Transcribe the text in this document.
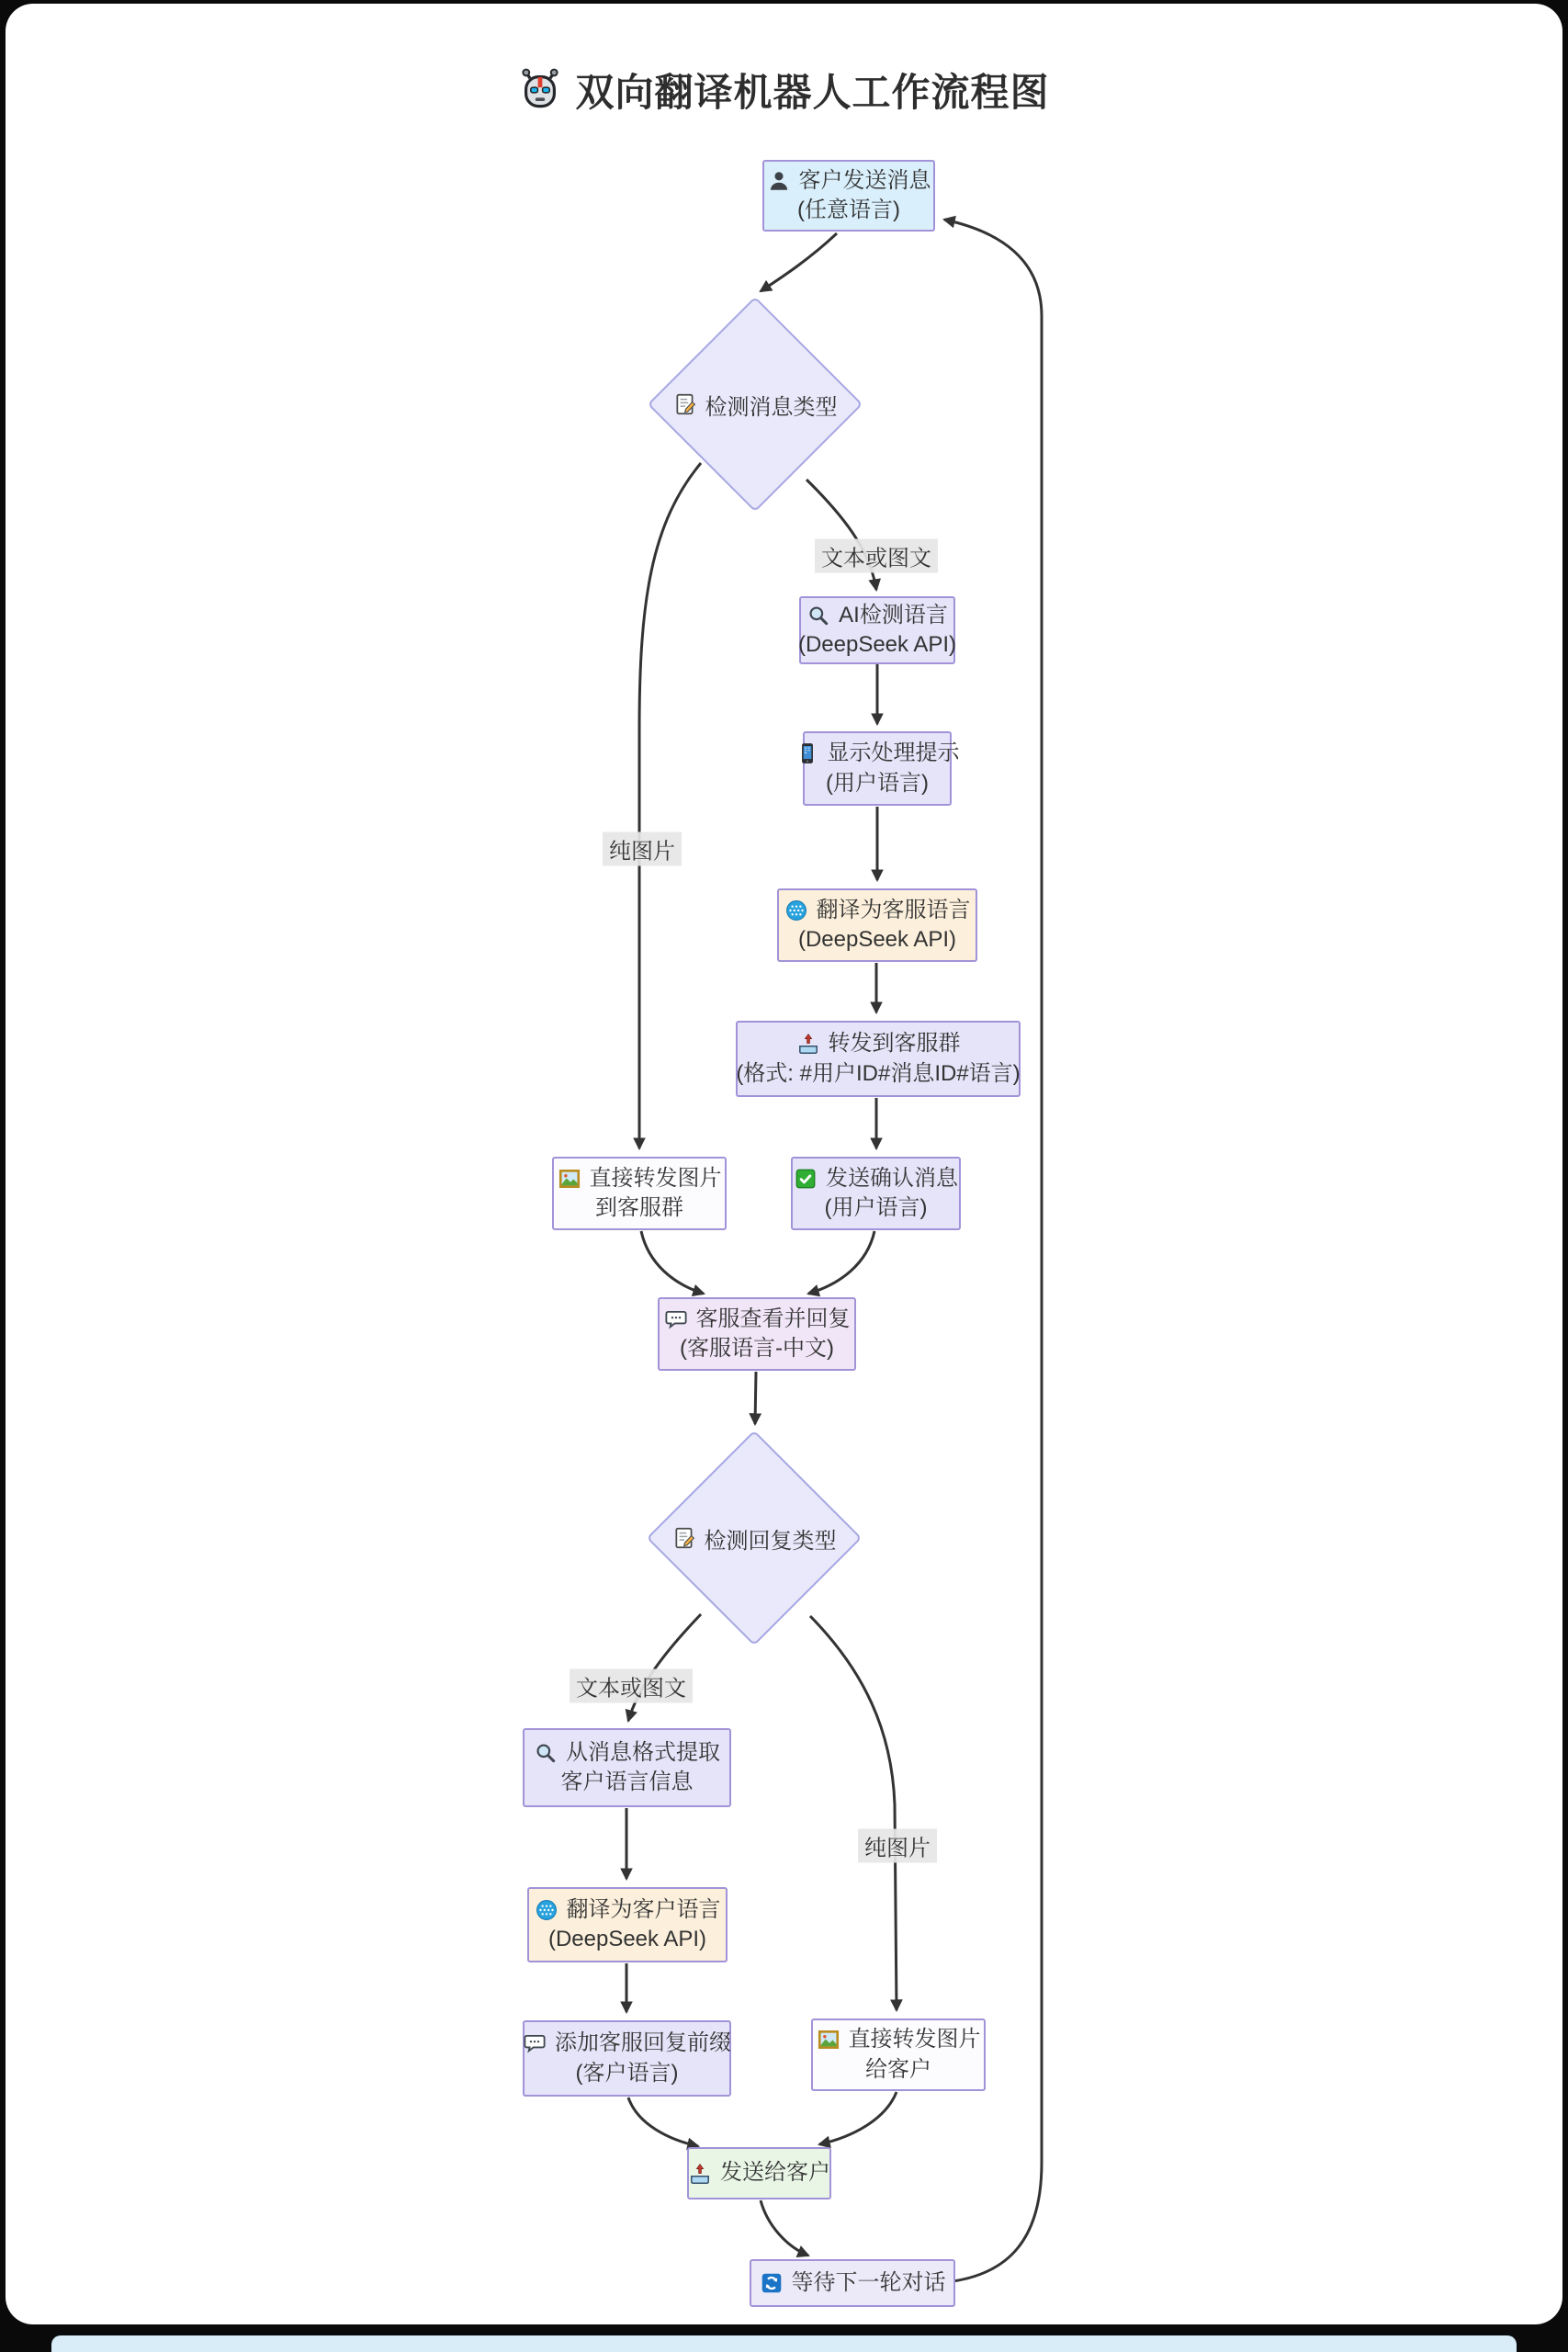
双向翻译机器人工作流程图
客户发送消息
(任意语言)
检测消息类型
AI检测语言
(DeepSeek API)
显示处理提示
(用户语言)
翻译为客服语言
(DeepSeek API)
转发到客服群
(格式: #用户ID#消息ID#语言)
直接转发图片
到客服群
发送确认消息
(用户语言)
客服查看并回复
(客服语言-中文)
检测回复类型
从消息格式提取
客户语言信息
翻译为客户语言
(DeepSeek API)
添加客服回复前缀
(客户语言)
直接转发图片
给客户
发送给客户
等待下一轮对话
文本或图文
纯图片
文本或图文
纯图片
